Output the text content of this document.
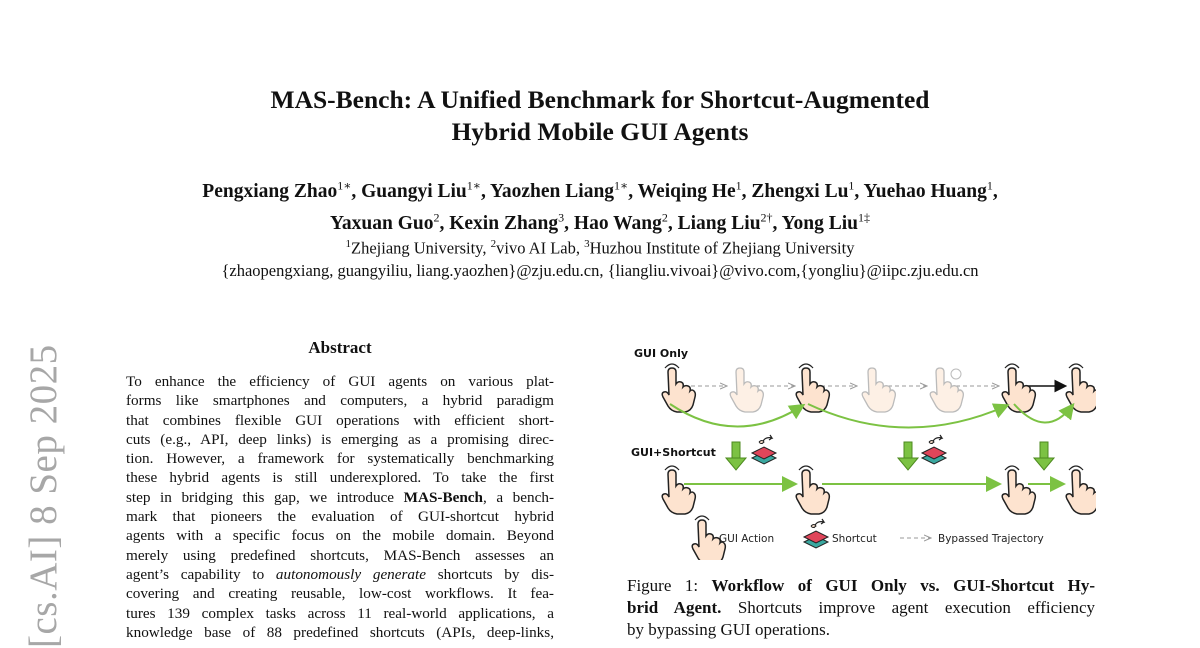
[cs.AI] 8 Sep 2025
MAS-Bench: A Unified Benchmark for Shortcut-Augmented
Hybrid Mobile GUI Agents
Pengxiang Zhao$^{1∗}$, Guangyi Liu$^{1∗}$, Yaozhen Liang$^{1∗}$, Weiqing He$^1$, Zhengxi Lu$^1$, Yuehao Huang$^1$,
Yaxuan Guo$^2$, Kexin Zhang$^3$, Hao Wang$^2$, Liang Liu$^{2\dagger}$, Yong Liu$^{1\ddagger}$
$^1$Zhejiang University, $^2$vivo AI Lab, $^3$Huzhou Institute of Zhejiang University
{zhaopengxiang, guangyiliu, liang.yaozhen}@zju.edu.cn, {liangliu.vivoai}@vivo.com,{yongliu}@iipc.zju.edu.cn
Abstract
To enhance the efficiency of GUI agents on various plat-
forms like smartphones and computers, a hybrid paradigm
that combines flexible GUI operations with efficient short-
cuts (e.g., API, deep links) is emerging as a promising direc-
tion. However, a framework for systematically benchmarking
these hybrid agents is still underexplored. To take the first
step in bridging this gap, we introduce MAS-Bench, a bench-
mark that pioneers the evaluation of GUI-shortcut hybrid
agents with a specific focus on the mobile domain. Beyond
merely using predefined shortcuts, MAS-Bench assesses an
agent’s capability to autonomously generate shortcuts by dis-
covering and creating reusable, low-cost workflows. It fea-
tures 139 complex tasks across 11 real-world applications, a
knowledge base of 88 predefined shortcuts (APIs, deep-links,
GUI Only
GUI+Shortcut
GUI Action	Shortcut	Bypassed Trajectory
Figure 1: Workflow of GUI Only vs. GUI-Shortcut Hy-
brid Agent. Shortcuts improve agent execution efficiency
by bypassing GUI operations.
